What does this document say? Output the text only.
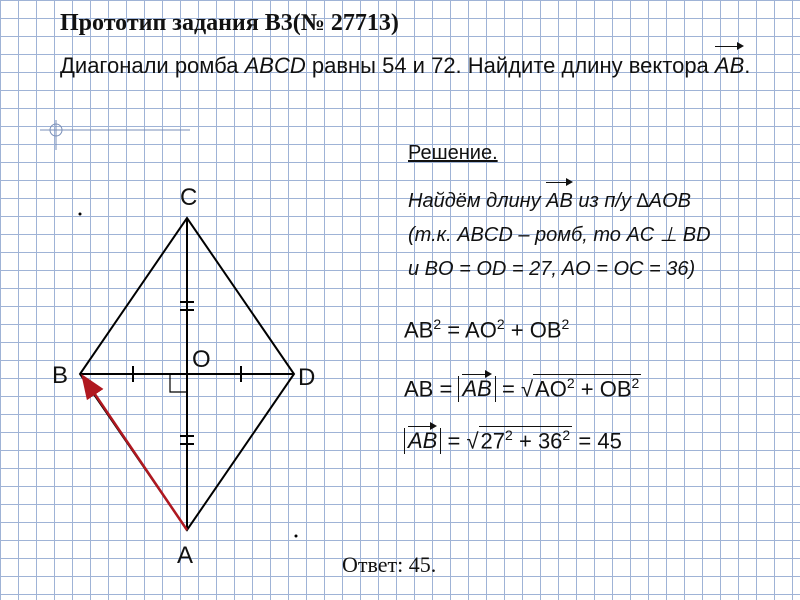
Прототип задания B3(№ 27713)
Диагонали ромба ABCD равны 54 и 72. Найдите длину вектора AB.
C
B
O
D
A
Решение.
Найдём длину AB из п/у ∆AOB
(т.к. ABCD – ромб, то AC ⊥ BD
и BO = OD = 27, AO = OC = 36)
$AB^2 = AO^2 + OB^2$
AB = AB = $√AO^2 + OB^2$
AB = $√27^2 + 36^2 = 45$
Ответ: 45.
